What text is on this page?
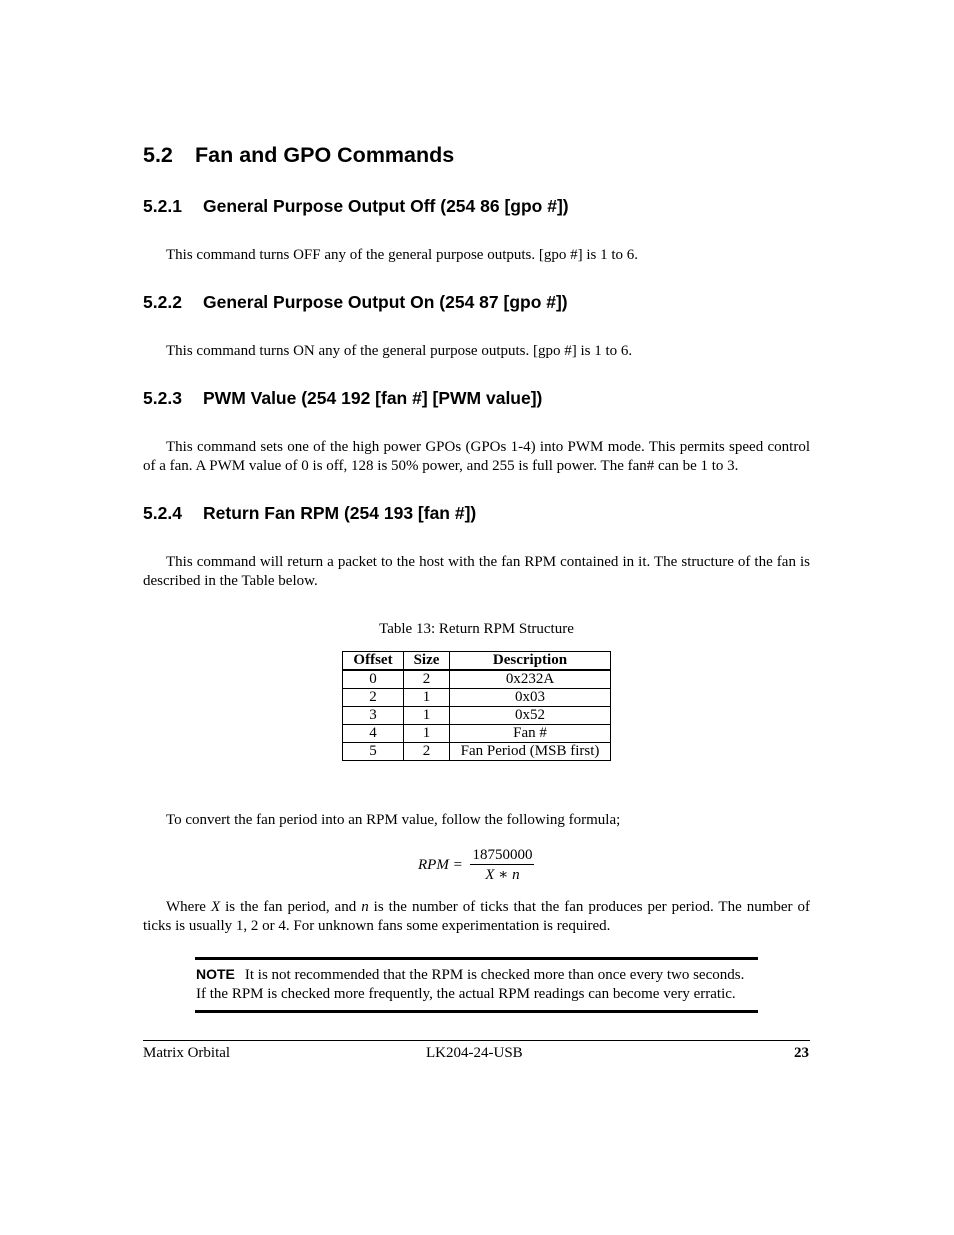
5.2 Fan and GPO Commands
5.2.1 General Purpose Output Off (254 86 [gpo #])
This command turns OFF any of the general purpose outputs. [gpo #] is 1 to 6.
5.2.2 General Purpose Output On (254 87 [gpo #])
This command turns ON any of the general purpose outputs. [gpo #] is 1 to 6.
5.2.3 PWM Value (254 192 [fan #] [PWM value])
This command sets one of the high power GPOs (GPOs 1-4) into PWM mode. This permits speed control of a fan. A PWM value of 0 is off, 128 is 50% power, and 255 is full power. The fan# can be 1 to 3.
5.2.4 Return Fan RPM (254 193 [fan #])
This command will return a packet to the host with the fan RPM contained in it. The structure of the fan is described in the Table below.
Table 13: Return RPM Structure
Offset	Size	Description
0	2	0x232A
2	1	0x03
3	1	0x52
4	1	Fan #
5	2	Fan Period (MSB first)
To convert the fan period into an RPM value, follow the following formula;
RPM = $\frac{18750000}{X ∗ n}$
Where X is the fan period, and n is the number of ticks that the fan produces per period. The number of ticks is usually 1, 2 or 4. For unknown fans some experimentation is required.
NOTE It is not recommended that the RPM is checked more than once every two seconds. If the RPM is checked more frequently, the actual RPM readings can become very erratic.
Matrix Orbital	LK204-24-USB	23
